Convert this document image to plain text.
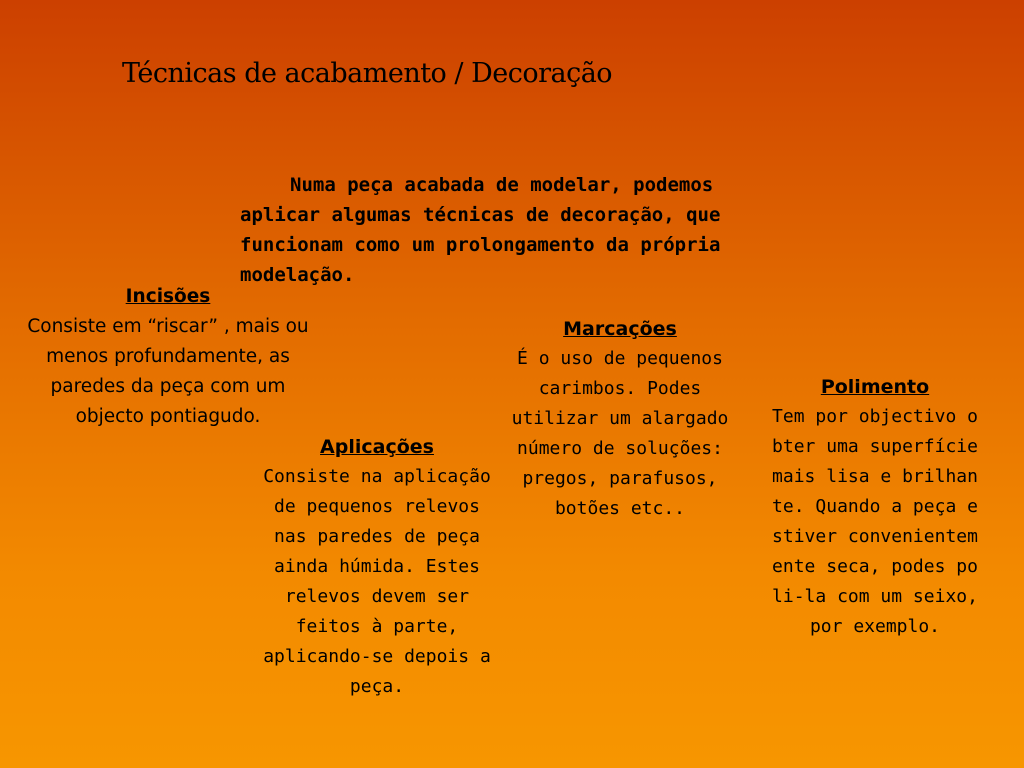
Técnicas de acabamento / Decoração
Numa peça acabada de modelar, podemos aplicar algumas técnicas de decoração, que funcionam como um prolongamento da própria modelação.
Incisões
Consiste em “riscar” , mais ou menos profundamente, as paredes da peça com um objecto pontiagudo.
Aplicações
Consiste na aplicação de pequenos relevos nas paredes de peça ainda húmida. Estes relevos devem ser feitos à parte, aplicando-se depois a peça.
Marcações
É o uso de pequenos carimbos. Podes utilizar um alargado número de soluções: pregos, parafusos, botões etc..
Polimento
Tem por objectivo obter uma superfície mais lisa e brilhante. Quando a peça estiver convenientemente seca, podes poli-la com um seixo, por exemplo.
